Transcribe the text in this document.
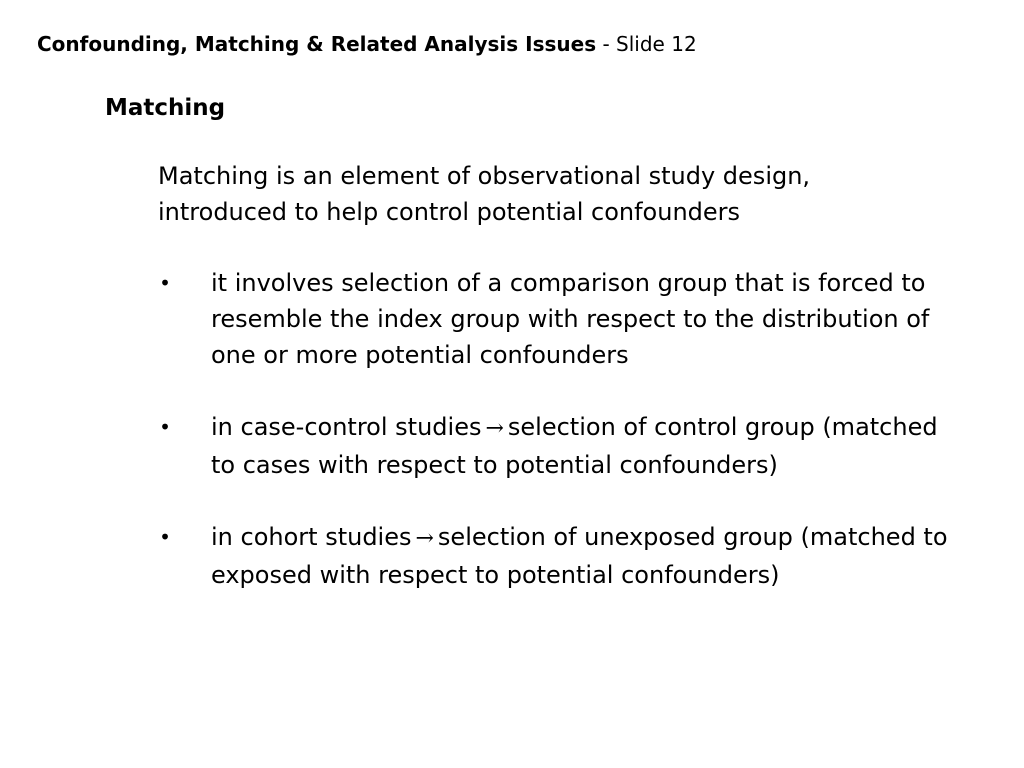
Confounding, Matching & Related Analysis Issues - Slide 12
Matching
Matching is an element of observational study design,
introduced to help control potential confounders
• it involves selection of a comparison group that is forced to resemble the index group with respect to the distribution of one or more potential confounders
• in case-control studies → selection of control group (matched to cases with respect to potential confounders)
• in cohort studies → selection of unexposed group (matched to exposed with respect to potential confounders)
